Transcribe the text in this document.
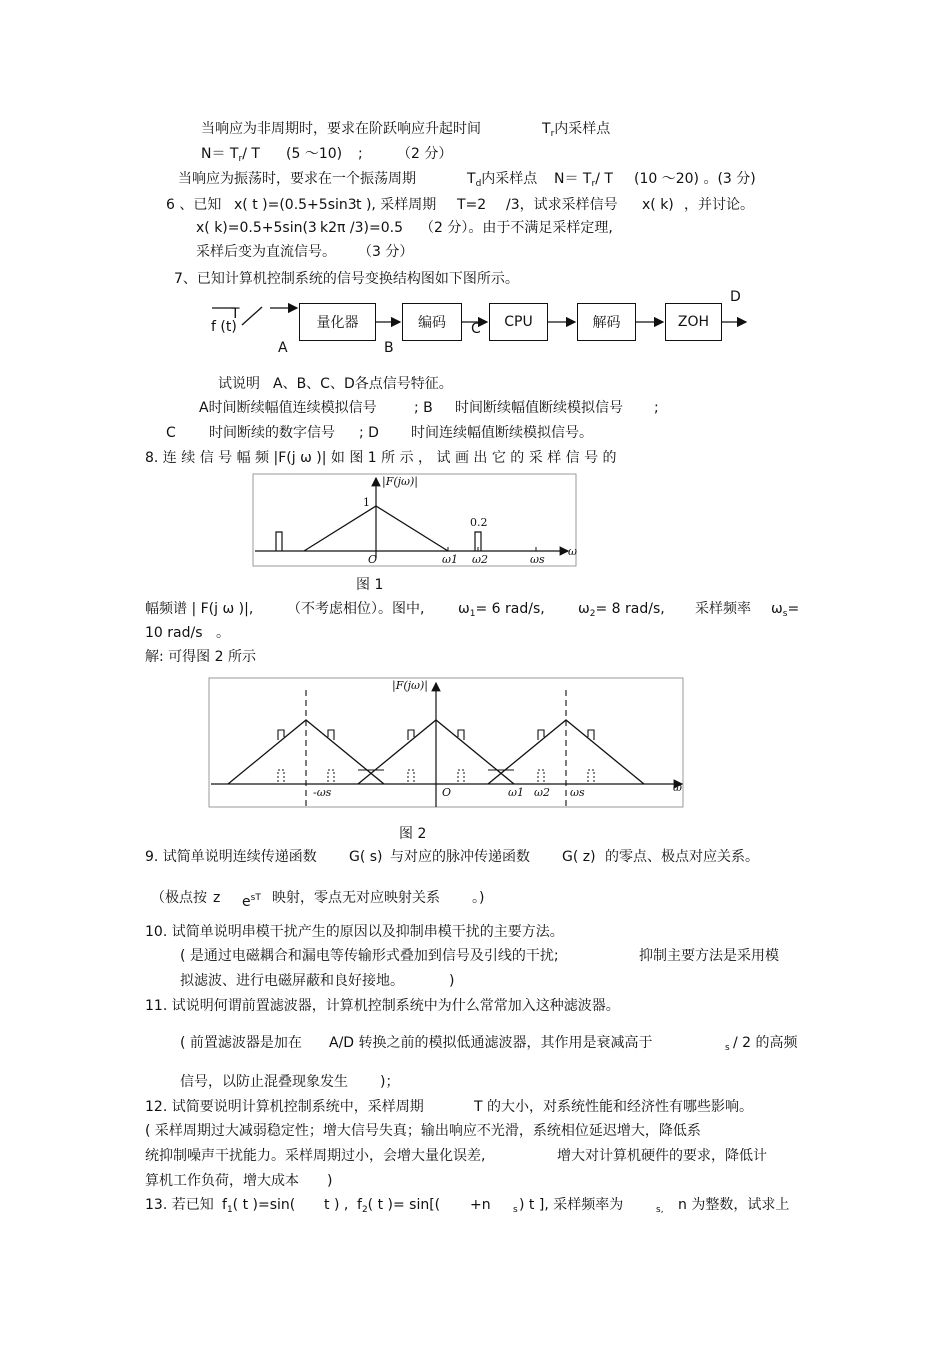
当响应为非周期时，要求在阶跃响应升起时间	$T_r$内采样点
$N= T_r/$ T (5 ～10) ; （2 分）
当响应为振荡时，要求在一个振荡周期	$T_d$内采样点 $N= T_r/$ T (10 ～20) 。(3 分)
6 、已知 x( t )=(0.5+5sin3 t ), 采样周期 T=2 /3，试求采样信号 x( k) ，并讨论。
x( k)=0.5+5sin(3 k2π /3)=0.5 （2 分）。由于不满足采样定理,
采样后变为直流信号。 （3 分）
7、已知计算机控制系统的信号变换结构图如下图所示。
f (t)
T
量化器	编码	CPU	解码	ZOH
A	B
C
D
试说明 A、B、C、D各点信号特征。
A时间断续幅值连续模拟信号	; B 时间断续幅值断续模拟信号 ;
C 时间断续的数字信号 ; D 时间连续幅值断续模拟信号。
8. 连 续 信 号 幅 频 |F(j ω )| 如 图 1 所 示 ， 试 画 出 它 的 采 样 信 号 的
|F(jω)|
1
0.2
O	ω1 ω2	ωs
ω
图 1
幅频谱 | F(j ω )|, （不考虑相位）。图中, $\omega_1= 6$ rad/s, $\omega_2= 8$ rad/s, 采样频率 $\omega_s=$
10 rad/s 。
解: 可得图 2 所示
|F(jω)|
-ωs	O	ω1 ω2 ωs	ω
图 2
9. 试简单说明连续传递函数 G( s) 与对应的脉冲传递函数 G( z) 的零点、极点对应关系。
（极点按 z $e^{sT}$ 映射，零点无对应映射关系 。)
10. 试简单说明串模干扰产生的原因以及抑制串模干扰的主要方法。
( 是通过电磁耦合和漏电等传输形式叠加到信号及引线的干扰;	抑制主要方法是采用模
拟滤波、进行电磁屏蔽和良好接地。	)
11. 试说明何谓前置滤波器，计算机控制系统中为什么常常加入这种滤波器。
( 前置滤波器是加在 A/D 转换之前的模拟低通滤波器，其作用是衰减高于	s / 2 的高频
信号，以防止混叠现象发生 )；
12. 试简要说明计算机控制系统中，采样周期	T 的大小，对系统性能和经济性有哪些影响。
( 采样周期过大减弱稳定性；增大信号失真；输出响应不光滑，系统相位延迟增大，降低系
统抑制噪声干扰能力。采样周期过小，会增大量化误差,	增大对计算机硬件的要求，降低计
算机工作负荷，增大成本 )
13. 若已知 $f_1$( t )=sin( t ) , $f_2$( t )= sin[( +n s ) t ], 采样频率为	s, n 为整数，试求上
